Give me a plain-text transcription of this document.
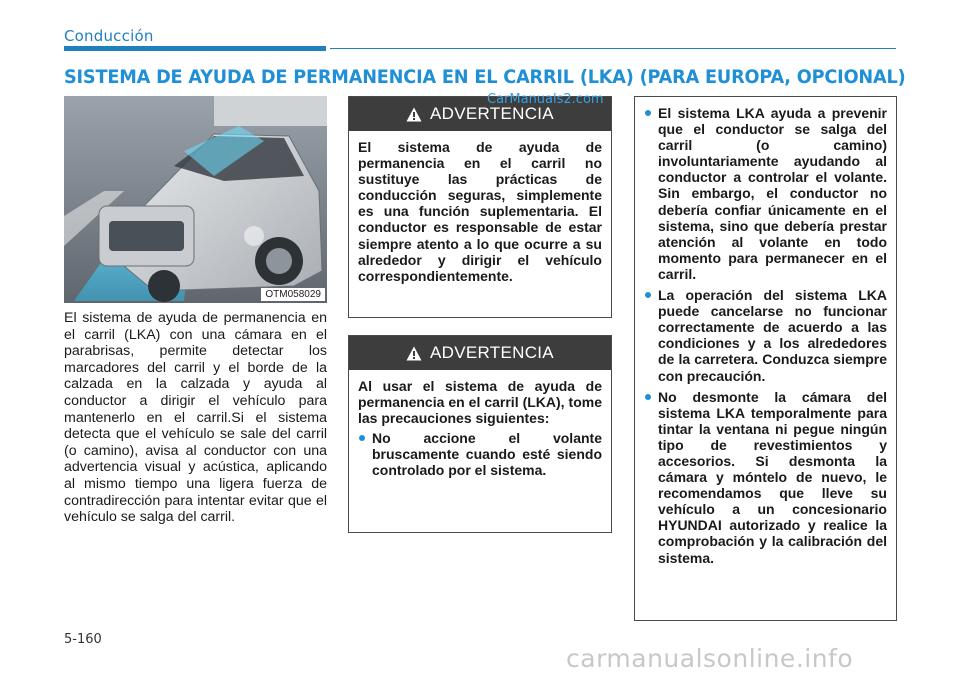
Conducción
SISTEMA DE AYUDA DE PERMANENCIA EN EL CARRIL (LKA) (PARA EUROPA, OPCIONAL)
OTM058029
El sistema de ayuda de permanencia en el carril (LKA) con una cámara en el parabrisas, permite detectar los marcadores del carril y el borde de la calzada en la calzada y ayuda al conductor a dirigir el vehículo para mantenerlo en el carril.Si el sistema detecta que el vehículo se sale del carril (o camino), avisa al conductor con una advertencia visual y acústica, aplicando al mismo tiempo una ligera fuerza de contradirección para intentar evitar que el vehículo se salga del carril.
ADVERTENCIA
El sistema de ayuda de permanencia en el carril no sustituye las prácticas de conducción seguras, simplemente es una función suplementaria. El conductor es responsable de estar siempre atento a lo que ocurre a su alrededor y dirigir el vehículo correspondientemente.
ADVERTENCIA
Al usar el sistema de ayuda de permanencia en el carril (LKA), tome las precauciones siguientes:
No accione el volante bruscamente cuando esté siendo controlado por el sistema.
El sistema LKA ayuda a prevenir que el conductor se salga del carril (o camino) involuntariamente ayudando al conductor a controlar el volante. Sin embargo, el conductor no debería confiar únicamente en el sistema, sino que debería prestar atención al volante en todo momento para permanecer en el carril.
La operación del sistema LKA puede cancelarse no funcionar correctamente de acuerdo a las condiciones y a los alrededores de la carretera. Conduzca siempre con precaución.
No desmonte la cámara del sistema LKA temporalmente para tintar la ventana ni pegue ningún tipo de revestimientos y accesorios. Si desmonta la cámara y móntelo de nuevo, le recomendamos que lleve su vehículo a un concesionario HYUNDAI autorizado y realice la comprobación y la calibración del sistema.
CarManuals2.com
5-160
carmanualsonline.info
